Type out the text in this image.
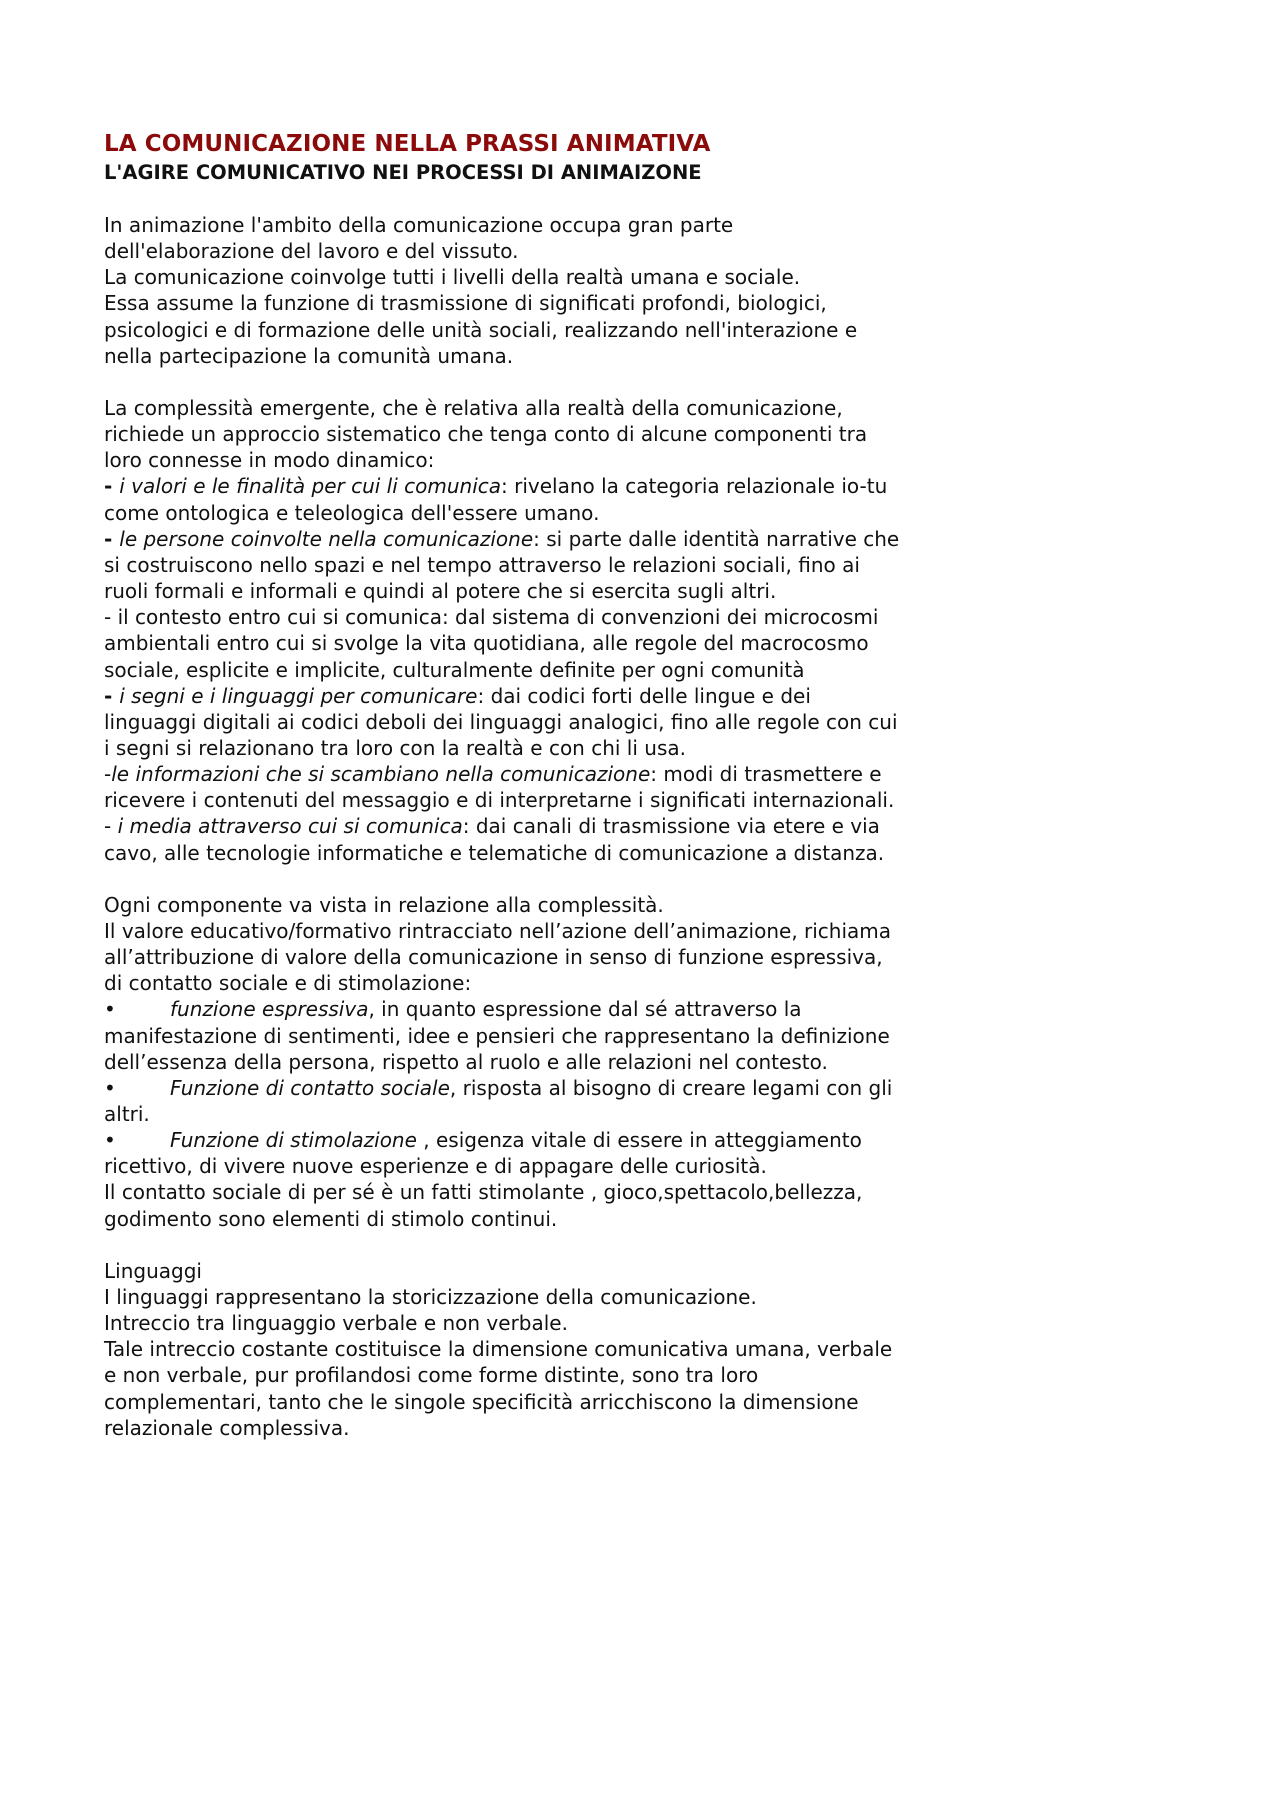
LA COMUNICAZIONE NELLA PRASSI ANIMATIVA
L'AGIRE COMUNICATIVO NEI PROCESSI DI ANIMAIZONE

In animazione l'ambito della comunicazione occupa gran parte
dell'elaborazione del lavoro e del vissuto.
La comunicazione coinvolge tutti i livelli della realtà umana e sociale.
Essa assume la funzione di trasmissione di significati profondi, biologici,
psicologici e di formazione delle unità sociali, realizzando nell'interazione e
nella partecipazione la comunità umana.

La complessità emergente, che è relativa alla realtà della comunicazione,
richiede un approccio sistematico che tenga conto di alcune componenti tra
loro connesse in modo dinamico:
- i valori e le finalità per cui li comunica: rivelano la categoria relazionale io-tu
come ontologica e teleologica dell'essere umano.
- le persone coinvolte nella comunicazione: si parte dalle identità narrative che
si costruiscono nello spazi e nel tempo attraverso le relazioni sociali, fino ai
ruoli formali e informali e quindi al potere che si esercita sugli altri.
- il contesto entro cui si comunica: dal sistema di convenzioni dei microcosmi
ambientali entro cui si svolge la vita quotidiana, alle regole del macrocosmo
sociale, esplicite e implicite, culturalmente definite per ogni comunità
- i segni e i linguaggi per comunicare: dai codici forti delle lingue e dei
linguaggi digitali ai codici deboli dei linguaggi analogici, fino alle regole con cui
i segni si relazionano tra loro con la realtà e con chi li usa.
-le informazioni che si scambiano nella comunicazione: modi di trasmettere e
ricevere i contenuti del messaggio e di interpretarne i significati internazionali.
- i media attraverso cui si comunica: dai canali di trasmissione via etere e via
cavo, alle tecnologie informatiche e telematiche di comunicazione a distanza.

Ogni componente va vista in relazione alla complessità.
Il valore educativo/formativo rintracciato nell’azione dell’animazione, richiama
all’attribuzione di valore della comunicazione in senso di funzione espressiva,
di contatto sociale e di stimolazione:
•	funzione espressiva, in quanto espressione dal sé attraverso la
manifestazione di sentimenti, idee e pensieri che rappresentano la definizione
dell’essenza della persona, rispetto al ruolo e alle relazioni nel contesto.
•	Funzione di contatto sociale, risposta al bisogno di creare legami con gli
altri.
•	Funzione di stimolazione , esigenza vitale di essere in atteggiamento
ricettivo, di vivere nuove esperienze e di appagare delle curiosità.
Il contatto sociale di per sé è un fatti stimolante , gioco,spettacolo,bellezza,
godimento sono elementi di stimolo continui.

Linguaggi
I linguaggi rappresentano la storicizzazione della comunicazione.
Intreccio tra linguaggio verbale e non verbale.
Tale intreccio costante costituisce la dimensione comunicativa umana, verbale
e non verbale, pur profilandosi come forme distinte, sono tra loro
complementari, tanto che le singole specificità arricchiscono la dimensione
relazionale complessiva.
